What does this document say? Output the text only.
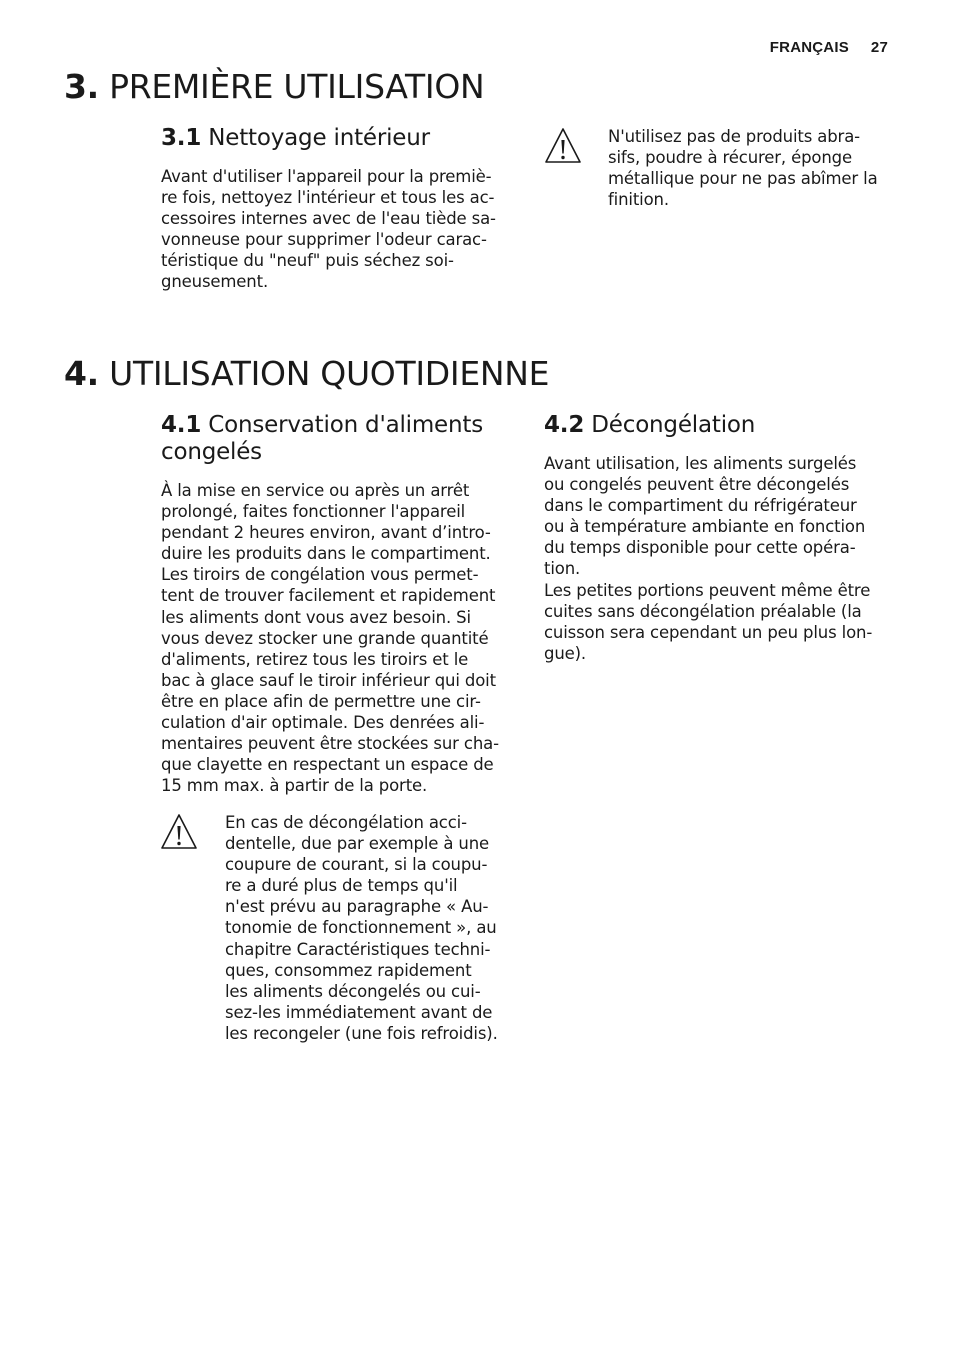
FRANÇAIS 27
3. PREMIÈRE UTILISATION
3.1 Nettoyage intérieur

Avant d'utiliser l'appareil pour la premiè-
re fois, nettoyez l'intérieur et tous les ac-
cessoires internes avec de l'eau tiède sa-
vonneuse pour supprimer l'odeur carac-
téristique du "neuf" puis séchez soi-
gneusement.

N'utilisez pas de produits abra-
sifs, poudre à récurer, éponge
métallique pour ne pas abîmer la
finition.

4. UTILISATION QUOTIDIENNE
4.1 Conservation d'aliments
congelés

À la mise en service ou après un arrêt
prolongé, faites fonctionner l'appareil
pendant 2 heures environ, avant d’intro-
duire les produits dans le compartiment.
Les tiroirs de congélation vous permet-
tent de trouver facilement et rapidement
les aliments dont vous avez besoin. Si
vous devez stocker une grande quantité
d'aliments, retirez tous les tiroirs et le
bac à glace sauf le tiroir inférieur qui doit
être en place afin de permettre une cir-
culation d'air optimale. Des denrées ali-
mentaires peuvent être stockées sur cha-
que clayette en respectant un espace de
15 mm max. à partir de la porte.

En cas de décongélation acci-
dentelle, due par exemple à une
coupure de courant, si la coupu-
re a duré plus de temps qu'il
n'est prévu au paragraphe « Au-
tonomie de fonctionnement », au
chapitre Caractéristiques techni-
ques, consommez rapidement
les aliments décongelés ou cui-
sez-les immédiatement avant de
les recongeler (une fois refroidis).

4.2 Décongélation

Avant utilisation, les aliments surgelés
ou congelés peuvent être décongelés
dans le compartiment du réfrigérateur
ou à température ambiante en fonction
du temps disponible pour cette opéra-
tion.
Les petites portions peuvent même être
cuites sans décongélation préalable (la
cuisson sera cependant un peu plus lon-
gue).
